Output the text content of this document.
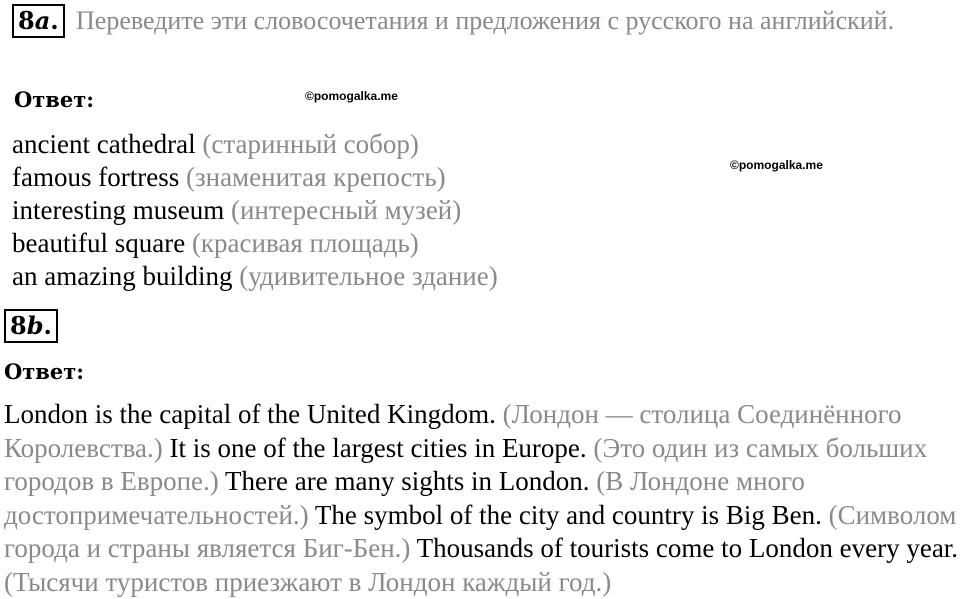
8a. Переведите эти словосочетания и предложения с русского на английский.
Ответ:	©pomogalka.me
©pomogalka.me
ancient cathedral (старинный собор)
famous fortress (знаменитая крепость)
interesting museum (интересный музей)
beautiful square (красивая площадь)
an amazing building (удивительное здание)
8b.
Ответ:

London is the capital of the United Kingdom. (Лондон — столица Соединённого Королевства.) It is one of the largest cities in Europe. (Это один из самых больших городов в Европе.) There are many sights in London. (В Лондоне много достопримечательностей.) The symbol of the city and country is Big Ben. (Символом города и страны является Биг-Бен.) Thousands of tourists come to London every year. (Тысячи туристов приезжают в Лондон каждый год.)
